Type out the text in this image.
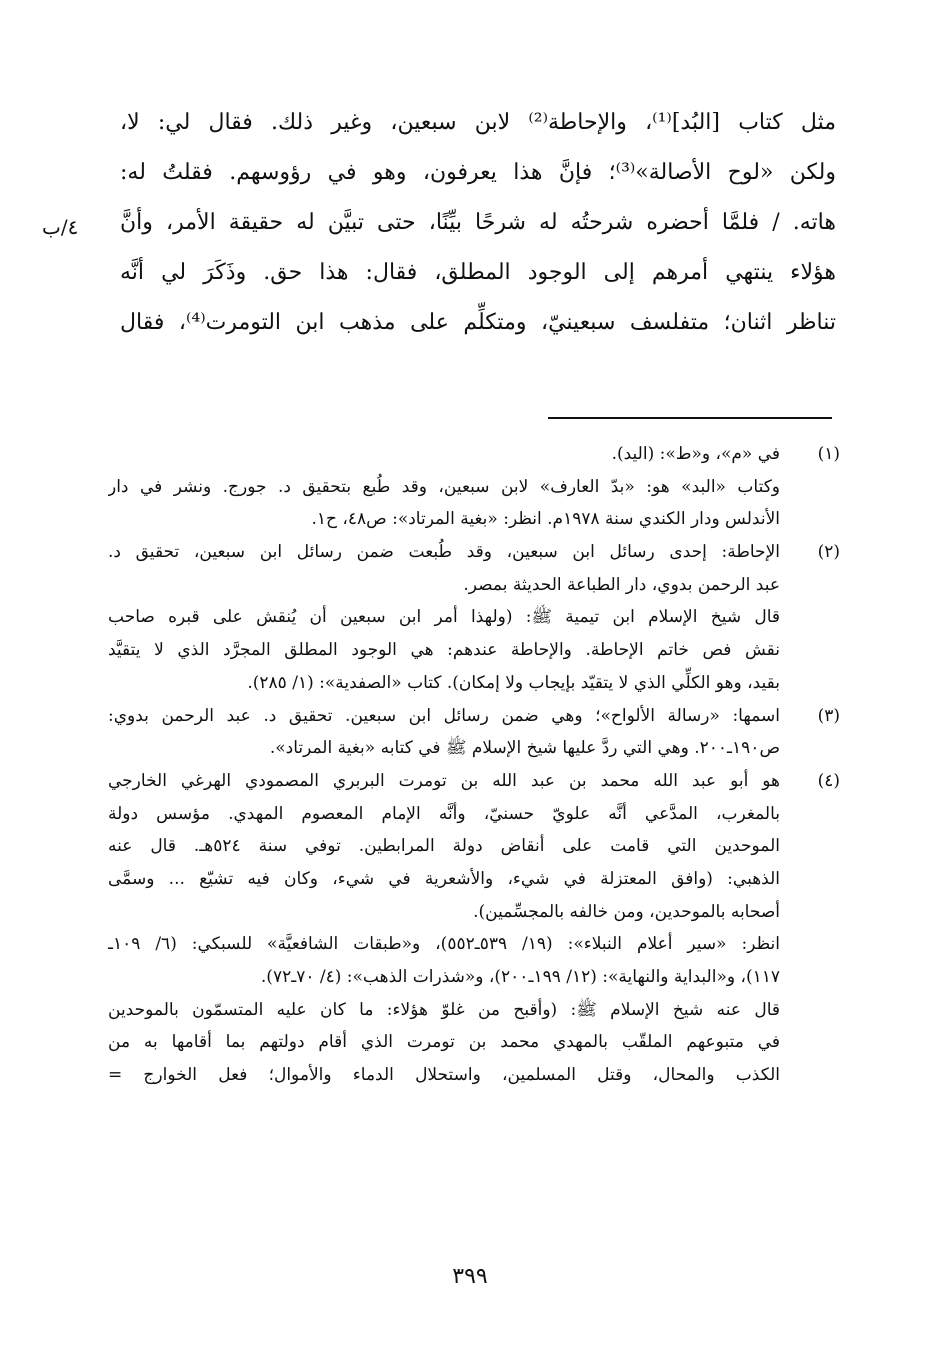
٤/ب
مثل كتاب [البُد]⁽¹⁾، والإحاطة⁽²⁾ لابن سبعين، وغير ذلك. فقال لي: لا،
ولكن «لوح الأصالة»⁽³⁾؛ فإنَّ هذا يعرفون، وهو في رؤوسهم. فقلتُ له:
هاته. / فلمَّا أحضره شرحتُه له شرحًا بيِّنًا، حتى تبيَّن له حقيقة الأمر، وأنَّ
هؤلاء ينتهي أمرهم إلى الوجود المطلق، فقال: هذا حق. وذَكَرَ لي أنَّه
تناظر اثنان؛ متفلسف سبعينيّ، ومتكلِّم على مذهب ابن التومرت⁽⁴⁾، فقال
(١)
في «م»، و«ط»: (اليد).
وكتاب «البد» هو: «بدّ العارف» لابن سبعين، وقد طُبع بتحقيق د. جورج. ونشر في دار
الأندلس ودار الكندي سنة ١٩٧٨م. انظر: «بغية المرتاد»: ص٤٨، ح١.
(٢)
الإحاطة: إحدى رسائل ابن سبعين، وقد طُبعت ضمن رسائل ابن سبعين، تحقيق د.
عبد الرحمن بدوي، دار الطباعة الحديثة بمصر.
قال شيخ الإسلام ابن تيمية ﷺ: (ولهذا أمر ابن سبعين أن يُنقش على قبره صاحب
نقش فص خاتم الإحاطة. والإحاطة عندهم: هي الوجود المطلق المجرَّد الذي لا يتقيَّد
بقيد، وهو الكلِّي الذي لا يتقيّد بإيجاب ولا إمكان). كتاب «الصفدية»: (١/ ٢٨٥).
(٣)
اسمها: «رسالة الألواح»؛ وهي ضمن رسائل ابن سبعين. تحقيق د. عبد الرحمن بدوي:
ص١٩٠ـ٢٠٠. وهي التي ردَّ عليها شيخ الإسلام ﷺ في كتابه «بغية المرتاد».
(٤)
هو أبو عبد الله محمد بن عبد الله بن تومرت البربري المصمودي الهرغي الخارجي
بالمغرب، المدَّعي أنَّه علويّ حسنيّ، وأنَّه الإمام المعصوم المهدي. مؤسس دولة
الموحدين التي قامت على أنقاض دولة المرابطين. توفي سنة ٥٢٤هـ. قال عنه
الذهبي: (وافق المعتزلة في شيء، والأشعرية في شيء، وكان فيه تشيّع ... وسمَّى
أصحابه بالموحدين، ومن خالفه بالمجسِّمين).
انظر: «سير أعلام النبلاء»: (١٩/ ٥٣٩ـ٥٥٢)، و«طبقات الشافعيَّة» للسبكي: (٦/ ١٠٩ـ
١١٧)، و«البداية والنهاية»: (١٢/ ١٩٩ـ٢٠٠)، و«شذرات الذهب»: (٤/ ٧٠ـ٧٢).
قال عنه شيخ الإسلام ﷺ: (وأقبح من غلوّ هؤلاء: ما كان عليه المتسمّون بالموحدين
في متبوعهم الملقّب بالمهدي محمد بن تومرت الذي أقام دولتهم بما أقامها به من
الكذب والمحال، وقتل المسلمين، واستحلال الدماء والأموال؛ فعل الخوارج =
٣٩٩
